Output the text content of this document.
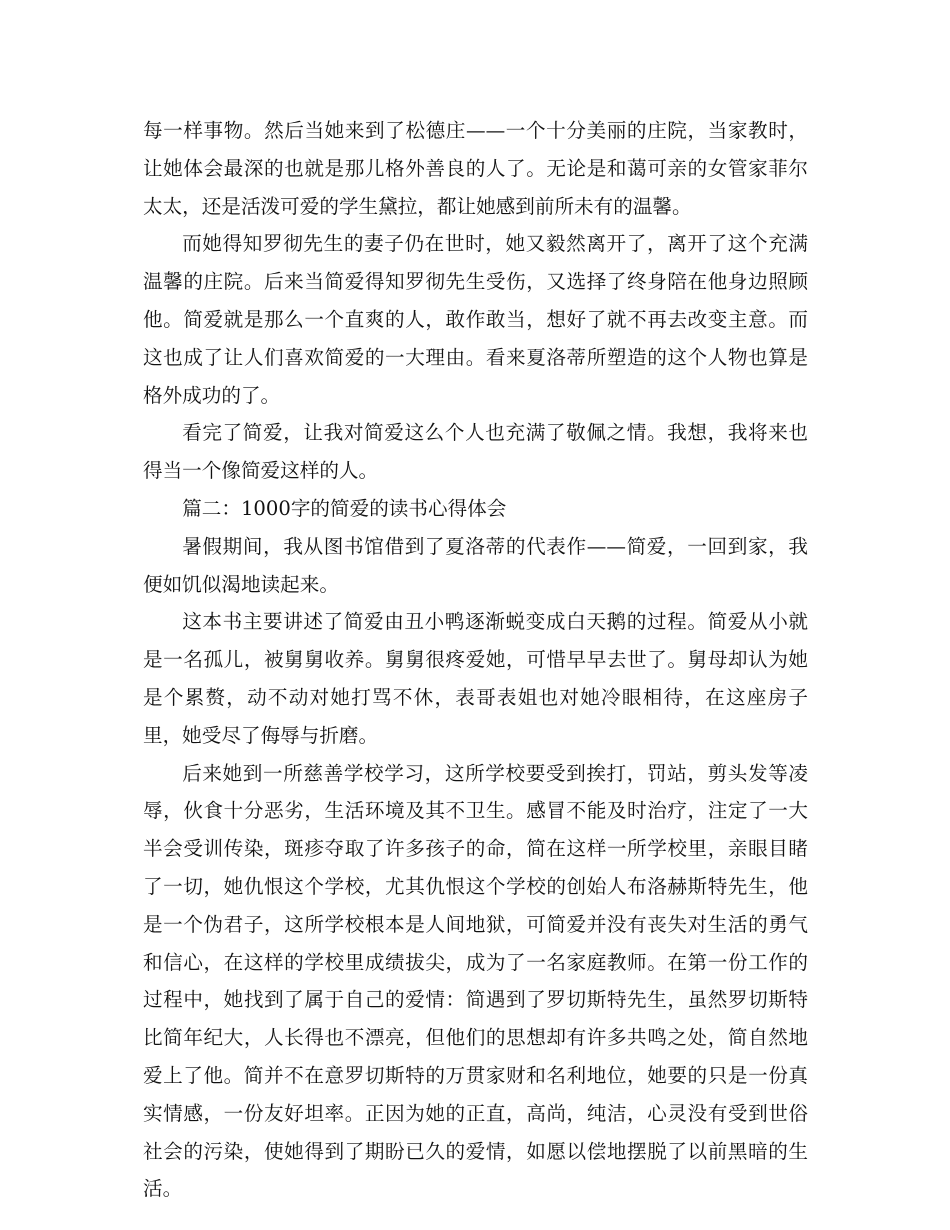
每一样事物。然后当她来到了松德庄——一个十分美丽的庄院，当家教时，让她体会最深的也就是那儿格外善良的人了。无论是和蔼可亲的女管家菲尔太太，还是活泼可爱的学生黛拉，都让她感到前所未有的温馨。

而她得知罗彻先生的妻子仍在世时，她又毅然离开了，离开了这个充满温馨的庄院。后来当简爱得知罗彻先生受伤，又选择了终身陪在他身边照顾他。简爱就是那么一个直爽的人，敢作敢当，想好了就不再去改变主意。而这也成了让人们喜欢简爱的一大理由。看来夏洛蒂所塑造的这个人物也算是格外成功的了。

看完了简爱，让我对简爱这么个人也充满了敬佩之情。我想，我将来也得当一个像简爱这样的人。

篇二：1000字的简爱的读书心得体会

暑假期间，我从图书馆借到了夏洛蒂的代表作——简爱，一回到家，我便如饥似渴地读起来。

这本书主要讲述了简爱由丑小鸭逐渐蜕变成白天鹅的过程。简爱从小就是一名孤儿，被舅舅收养。舅舅很疼爱她，可惜早早去世了。舅母却认为她是个累赘，动不动对她打骂不休，表哥表姐也对她冷眼相待，在这座房子里，她受尽了侮辱与折磨。

后来她到一所慈善学校学习，这所学校要受到挨打，罚站，剪头发等凌辱，伙食十分恶劣，生活环境及其不卫生。感冒不能及时治疗，注定了一大半会受训传染，斑疹夺取了许多孩子的命，简在这样一所学校里，亲眼目睹了一切，她仇恨这个学校，尤其仇恨这个学校的创始人布洛赫斯特先生，他是一个伪君子，这所学校根本是人间地狱，可简爱并没有丧失对生活的勇气和信心，在这样的学校里成绩拔尖，成为了一名家庭教师。在第一份工作的过程中，她找到了属于自己的爱情：简遇到了罗切斯特先生，虽然罗切斯特比简年纪大，人长得也不漂亮，但他们的思想却有许多共鸣之处，简自然地爱上了他。简并不在意罗切斯特的万贯家财和名利地位，她要的只是一份真实情感，一份友好坦率。正因为她的正直，高尚，纯洁，心灵没有受到世俗社会的污染，使她得到了期盼已久的爱情，如愿以偿地摆脱了以前黑暗的生活。
